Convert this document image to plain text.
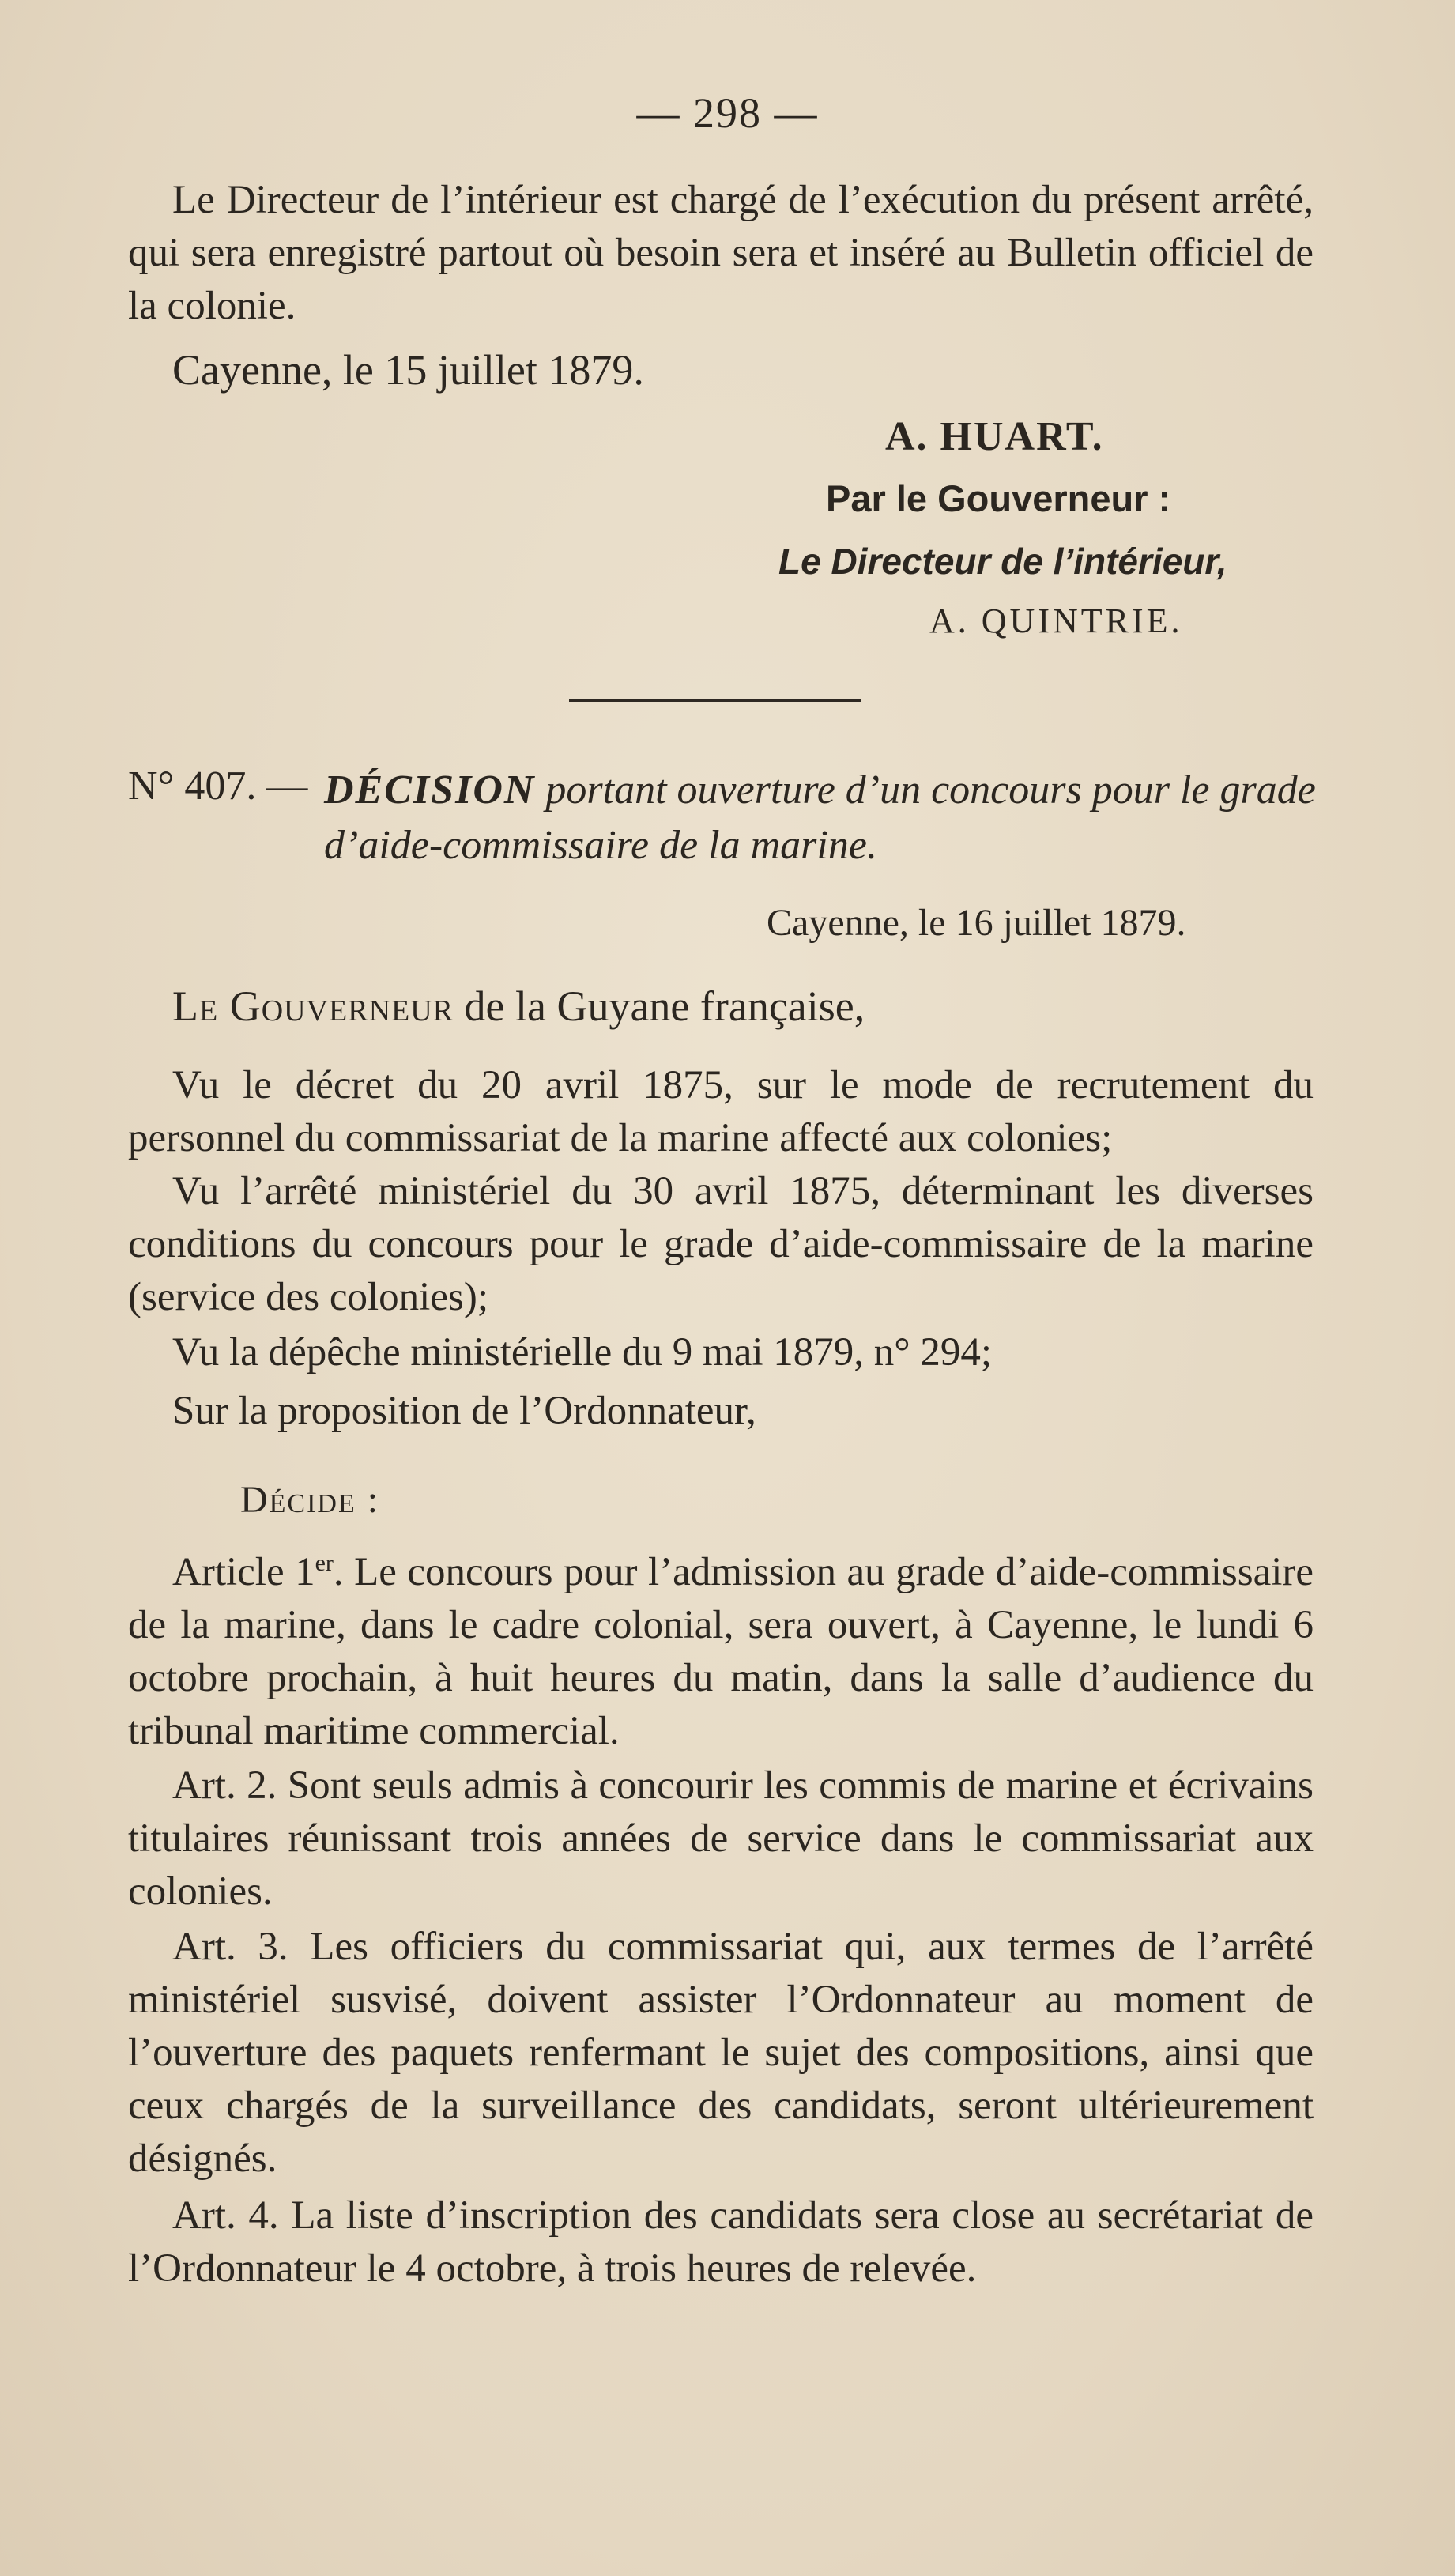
— 298 —

Le Directeur de l’intérieur est chargé de l’exécution du présent arrêté, qui sera enregistré partout où besoin sera et inséré au Bulletin officiel de la colonie.

Cayenne, le 15 juillet 1879.
A. HUART.
Par le Gouverneur :
Le Directeur de l’intérieur,
A. QUINTRIE.
N° 407. — DÉCISION portant ouverture d’un concours pour le grade d’aide-commissaire de la marine.

Cayenne, le 16 juillet 1879.
Le Gouverneur de la Guyane française,

Vu le décret du 20 avril 1875, sur le mode de recrutement du personnel du commissariat de la marine affecté aux colonies;

Vu l’arrêté ministériel du 30 avril 1875, déterminant les diverses conditions du concours pour le grade d’aide-commissaire de la marine (service des colonies);

Vu la dépêche ministérielle du 9 mai 1879, n° 294;

Sur la proposition de l’Ordonnateur,

Décide :

Article 1er. Le concours pour l’admission au grade d’aide-commissaire de la marine, dans le cadre colonial, sera ouvert, à Cayenne, le lundi 6 octobre prochain, à huit heures du matin, dans la salle d’audience du tribunal maritime commercial.

Art. 2. Sont seuls admis à concourir les commis de marine et écrivains titulaires réunissant trois années de service dans le commissariat aux colonies.

Art. 3. Les officiers du commissariat qui, aux termes de l’arrêté ministériel susvisé, doivent assister l’Ordonnateur au moment de l’ouverture des paquets renfermant le sujet des compositions, ainsi que ceux chargés de la surveillance des candidats, seront ultérieurement désignés.

Art. 4. La liste d’inscription des candidats sera close au secrétariat de l’Ordonnateur le 4 octobre, à trois heures de relevée.
